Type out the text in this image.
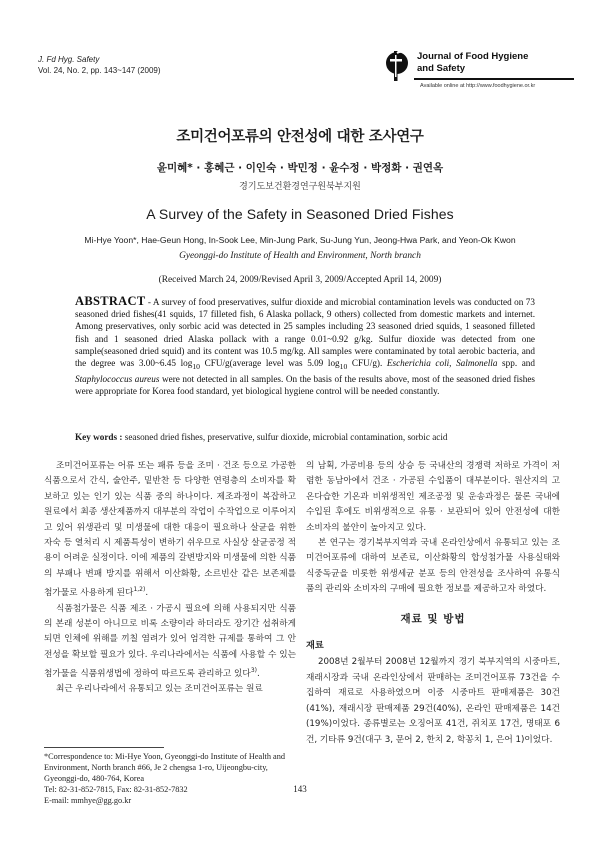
J. Fd Hyg. Safety
Vol. 24, No. 2, pp. 143~147 (2009)
Journal of Food Hygiene
and Safety
Available online at http://www.foodhygiene.or.kr
조미건어포류의 안전성에 대한 조사연구
윤미혜* · 홍혜근 · 이인숙 · 박민정 · 윤수정 · 박정화 · 권연옥
경기도보건환경연구원북부지원
A Survey of the Safety in Seasoned Dried Fishes
Mi-Hye Yoon*, Hae-Geun Hong, In-Sook Lee, Min-Jung Park, Su-Jung Yun, Jeong-Hwa Park, and Yeon-Ok Kwon
Gyeonggi-do Institute of Health and Environment, North branch
(Received March 24, 2009/Revised April 3, 2009/Accepted April 14, 2009)
ABSTRACT - A survey of food preservatives, sulfur dioxide and microbial contamination levels was conducted on 73 seasoned dried fishes(41 squids, 17 filleted fish, 6 Alaska pollack, 9 others) collected from domestic markets and internet. Among preservatives, only sorbic acid was detected in 25 samples including 23 seasoned dried squids, 1 seasoned filleted fish and 1 seasoned dried Alaska pollack with a range 0.01~0.92 g/kg. Sulfur dioxide was detected from one sample(seasoned dried squid) and its content was 10.5 mg/kg. All samples were contaminated by total aerobic bacteria, and the degree was 3.00~6.45 $\log_{10}$ CFU/g(average level was 5.09 $\log_{10} CFU/g$). Escherichia coli, Salmonella spp. and Staphylococcus aureus were not detected in all samples. On the basis of the results above, most of the seasoned dried fishes were appropriate for Korea food standard, yet biological hygiene control will be needed constantly.
Key words : seasoned dried fishes, preservative, sulfur dioxide, microbial contamination, sorbic acid

조미건어포류는 어류 또는 패류 등을 조미 · 건조 등으로 가공한 식품으로서 간식, 술안주, 밑반찬 등 다양한 연령층의 소비자를 확보하고 있는 인기 있는 식품 중의 하나이다. 제조과정이 복잡하고 원료에서 최종 생산제품까지 대부분의 작업이 수작업으로 이루어지고 있어 위생관리 및 미생물에 대한 대응이 필요하나 살균을 위한 자숙 등 열처리 시 제품특성이 변하기 쉬우므로 사실상 살균공정 적용이 어려운 실정이다. 이에 제품의 갈변방지와 미생물에 의한 식품의 부패나 변패 방지를 위해서 이산화황, 소르빈산 같은 보존제를 첨가물로 사용하게 된다$^{1,2)}$.

식품첨가물은 식품 제조 · 가공시 필요에 의해 사용되지만 식품의 본래 성분이 아니므로 비록 소량이라 하더라도 장기간 섭취하게 되면 인체에 위해를 끼칠 염려가 있어 엄격한 규제를 통하여 그 안전성을 확보할 필요가 있다. 우리나라에서는 식품에 사용할 수 있는 첨가물을 식품위생법에 정하여 따르도록 관리하고 있다$^{3)}$.

최근 우리나라에서 유통되고 있는 조미건어포류는 원료

의 남획, 가공비용 등의 상승 등 국내산의 경쟁력 저하로 가격이 저렴한 동남아에서 건조 · 가공된 수입품이 대부분이다. 원산지의 고온다습한 기온과 비위생적인 제조공정 및 운송과정은 물론 국내에 수입된 후에도 비위생적으로 유통 · 보관되어 있어 안전성에 대한 소비자의 불안이 높아지고 있다.

본 연구는 경기북부지역과 국내 온라인상에서 유통되고 있는 조미건어포류에 대하여 보존료, 이산화황의 합성첨가물 사용실태와 식중독균을 비롯한 위생세균 분포 등의 안전성을 조사하여 유통식품의 관리와 소비자의 구매에 필요한 정보를 제공하고자 하였다.

재료 및 방법
재료

2008년 2월부터 2008년 12월까지 경기 북부지역의 시중마트, 재래시장과 국내 온라인상에서 판매하는 조미건어포류 73건을 수집하여 재료로 사용하였으며 이중 시중마트 판매제품은 30건(41%), 재래시장 판매제품 29건(40%), 온라인 판매제품은 14건(19%)이었다. 종류별로는 오징어포 41건, 쥐치포 17건, 명태포 6건, 기타류 9건(대구 3, 문어 2, 한치 2, 학꽁치 1, 은어 1)이었다.

*Correspondence to: Mi-Hye Yoon, Gyeonggi-do Institute of Health and Environment, North branch #66, Je 2 chengsa 1-ro, Uijeongbu-city, Gyeonggi-do, 480-764, Korea
Tel: 82-31-852-7815, Fax: 82-31-852-7832
E-mail: mmhye@gg.go.kr
143
